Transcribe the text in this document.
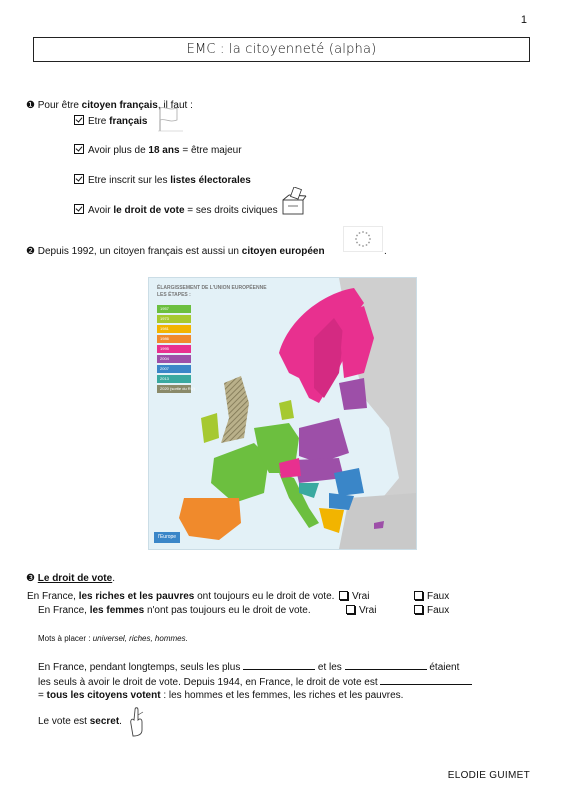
1
EMC : la citoyenneté (alpha)
❶ Pour être citoyen français, il faut :
Etre français
Avoir plus de 18 ans = être majeur
Etre inscrit sur les listes électorales
Avoir le droit de vote = ses droits civiques
❷ Depuis 1992, un citoyen français est aussi un citoyen européen	.
ÉLARGISSEMENT DE L'UNION EUROPÉENNE
LES ÉTAPES :
1957
1973
1981
1986
1995
2004
2007
2013
2020 (sortie du RU)
l'Europe
❸ Le droit de vote.
En France, les riches et les pauvres ont toujours eu le droit de vote.	Vrai	Faux
En France, les femmes n'ont pas toujours eu le droit de vote.	Vrai	Faux
Mots à placer : universel, riches, hommes.
En France, pendant longtemps, seuls les plus	et les	étaient
les seuls à avoir le droit de vote. Depuis 1944, en France, le droit de vote est
= tous les citoyens votent : les hommes et les femmes, les riches et les pauvres.
Le vote est secret.
ELODIE GUIMET
